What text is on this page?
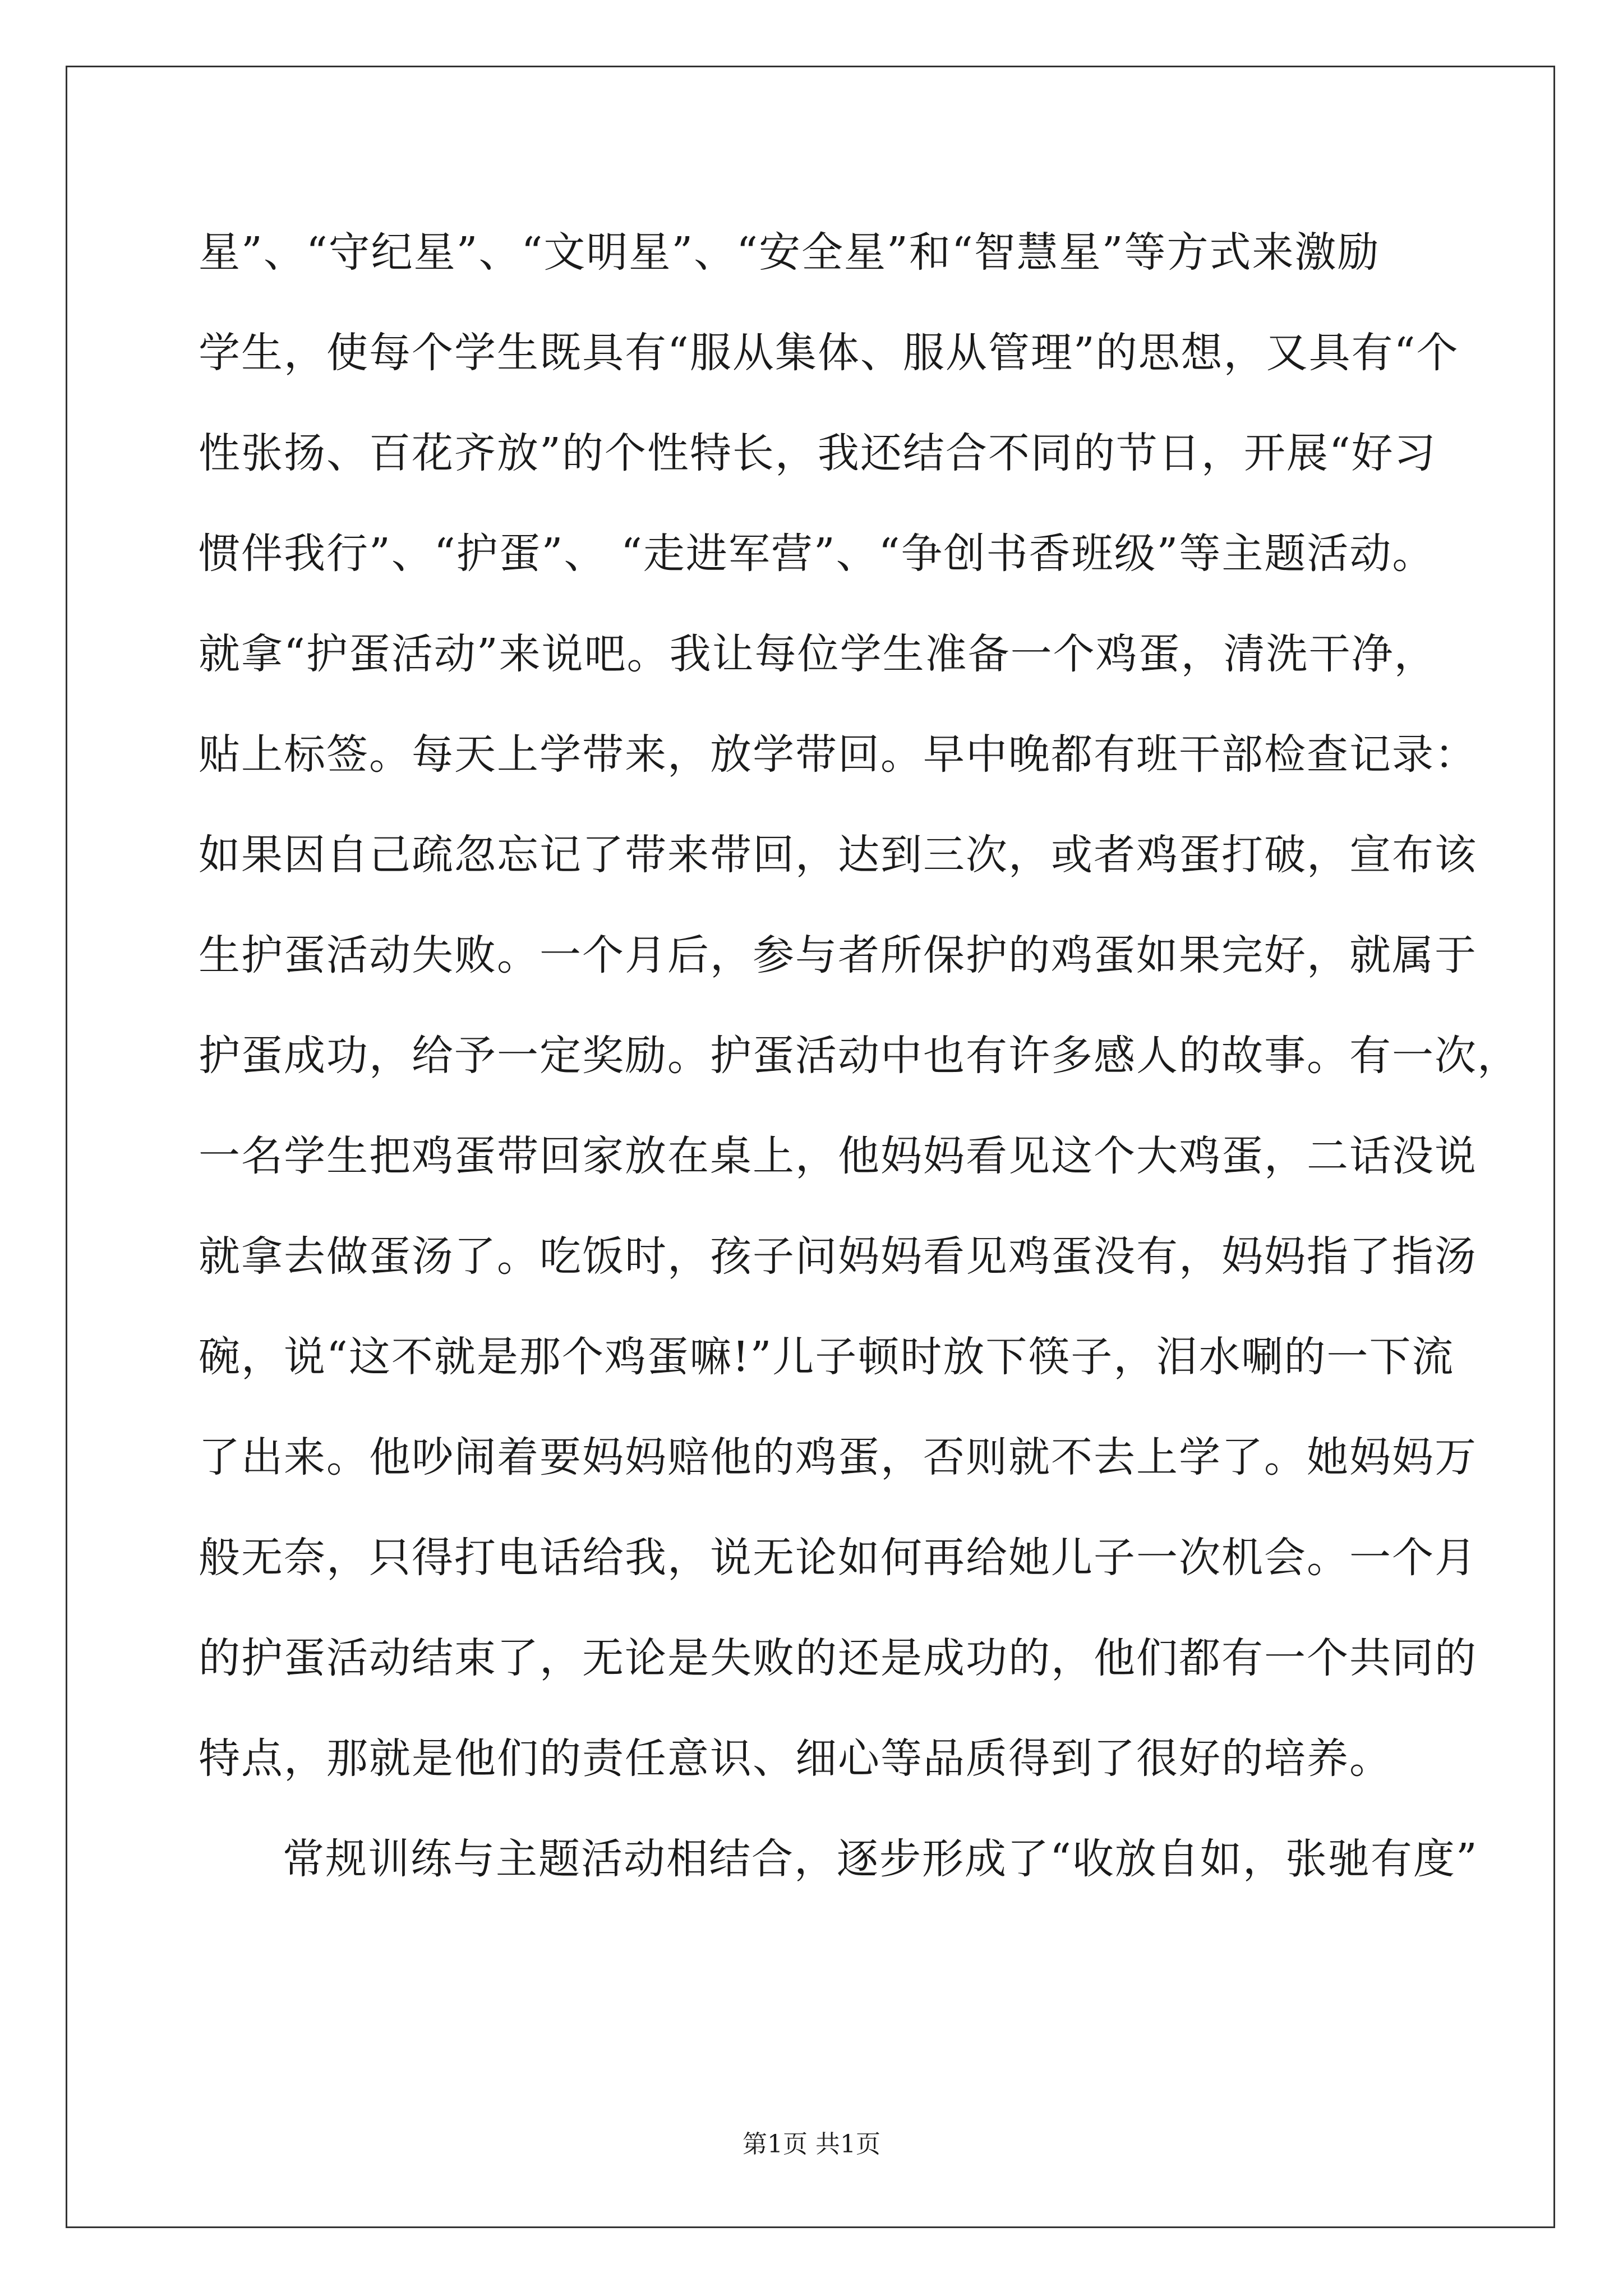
星”、“守纪星”、“文明星”、“安全星”和“智慧星”等方式来激励
学生，使每个学生既具有“服从集体、服从管理”的思想，又具有“个
性张扬、百花齐放”的个性特长，我还结合不同的节日，开展“好习
惯伴我行”、“护蛋”、 “走进军营”、“争创书香班级”等主题活动。
就拿“护蛋活动”来说吧。我让每位学生准备一个鸡蛋，清洗干净，
贴上标签。每天上学带来，放学带回。早中晚都有班干部检查记录：
如果因自己疏忽忘记了带来带回，达到三次，或者鸡蛋打破，宣布该
生护蛋活动失败。一个月后，参与者所保护的鸡蛋如果完好，就属于
护蛋成功，给予一定奖励。护蛋活动中也有许多感人的故事。有一次，
一名学生把鸡蛋带回家放在桌上，他妈妈看见这个大鸡蛋，二话没说
就拿去做蛋汤了。吃饭时，孩子问妈妈看见鸡蛋没有，妈妈指了指汤
碗，说“这不就是那个鸡蛋嘛!”儿子顿时放下筷子，泪水唰的一下流
了出来。他吵闹着要妈妈赔他的鸡蛋，否则就不去上学了。她妈妈万
般无奈，只得打电话给我，说无论如何再给她儿子一次机会。一个月
的护蛋活动结束了，无论是失败的还是成功的，他们都有一个共同的
特点，那就是他们的责任意识、细心等品质得到了很好的培养。
常规训练与主题活动相结合，逐步形成了“收放自如，张驰有度”
第1页 共1页
